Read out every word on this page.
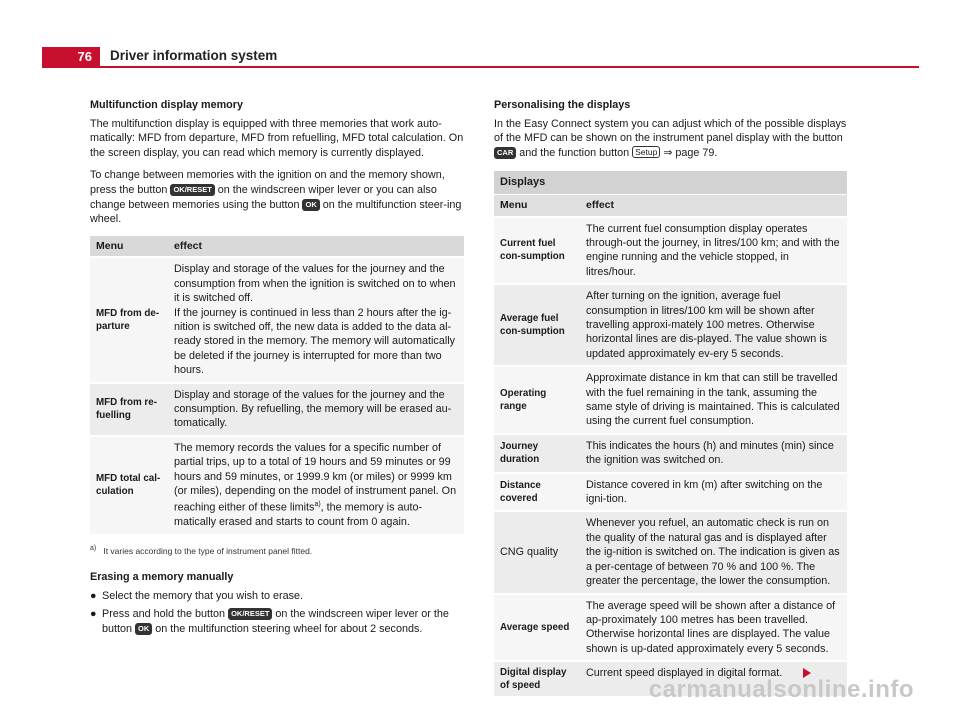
76	Driver information system
Multifunction display memory

The multifunction display is equipped with three memories that work auto-matically: MFD from departure, MFD from refuelling, MFD total calculation. On the screen display, you can read which memory is currently displayed.

To change between memories with the ignition on and the memory shown, press the button OK/RESET on the windscreen wiper lever or you can also change between memories using the button OK on the multifunction steer-ing wheel.

Menu	effect
MFD from de-parture	Display and storage of the values for the journey and the consumption from when the ignition is switched on to when it is switched off.
If the journey is continued in less than 2 hours after the ig-nition is switched off, the new data is added to the data al-ready stored in the memory. The memory will automatically be deleted if the journey is interrupted for more than two hours.
MFD from re-fuelling	Display and storage of the values for the journey and the consumption. By refuelling, the memory will be erased au-tomatically.
MFD total cal-culation	The memory records the values for a specific number of partial trips, up to a total of 19 hours and 59 minutes or 99 hours and 59 minutes, or 1999.9 km (or miles) or 9999 km (or miles), depending on the model of instrument panel. On reaching either of these limits$^{a)}$, the memory is auto-matically erased and starts to count from 0 again.
$^{a)}$ It varies according to the type of instrument panel fitted.
Erasing a memory manually
● Select the memory that you wish to erase.
● Press and hold the button OK/RESET on the windscreen wiper lever or the button OK on the multifunction steering wheel for about 2 seconds.
Personalising the displays

In the Easy Connect system you can adjust which of the possible displays of the MFD can be shown on the instrument panel display with the button CAR and the function button Setup ⇒ page 79.

Displays	
Menu	effect
Current fuel con-sumption	The current fuel consumption display operates through-out the journey, in litres/100 km; and with the engine running and the vehicle stopped, in litres/hour.
Average fuel con-sumption	After turning on the ignition, average fuel consumption in litres/100 km will be shown after travelling approxi-mately 100 metres. Otherwise horizontal lines are dis-played. The value shown is updated approximately ev-ery 5 seconds.
Operating range	Approximate distance in km that can still be travelled with the fuel remaining in the tank, assuming the same style of driving is maintained. This is calculated using the current fuel consumption.
Journey duration	This indicates the hours (h) and minutes (min) since the ignition was switched on.
Distance covered	Distance covered in km (m) after switching on the igni-tion.
CNG quality	Whenever you refuel, an automatic check is run on the quality of the natural gas and is displayed after the ig-nition is switched on. The indication is given as a per-centage of between 70 % and 100 %. The greater the percentage, the lower the consumption.
Average speed	The average speed will be shown after a distance of ap-proximately 100 metres has been travelled. Otherwise horizontal lines are displayed. The value shown is up-dated approximately every 5 seconds.
Digital display of speed	Current speed displayed in digital format.
carmanualsonline.info
